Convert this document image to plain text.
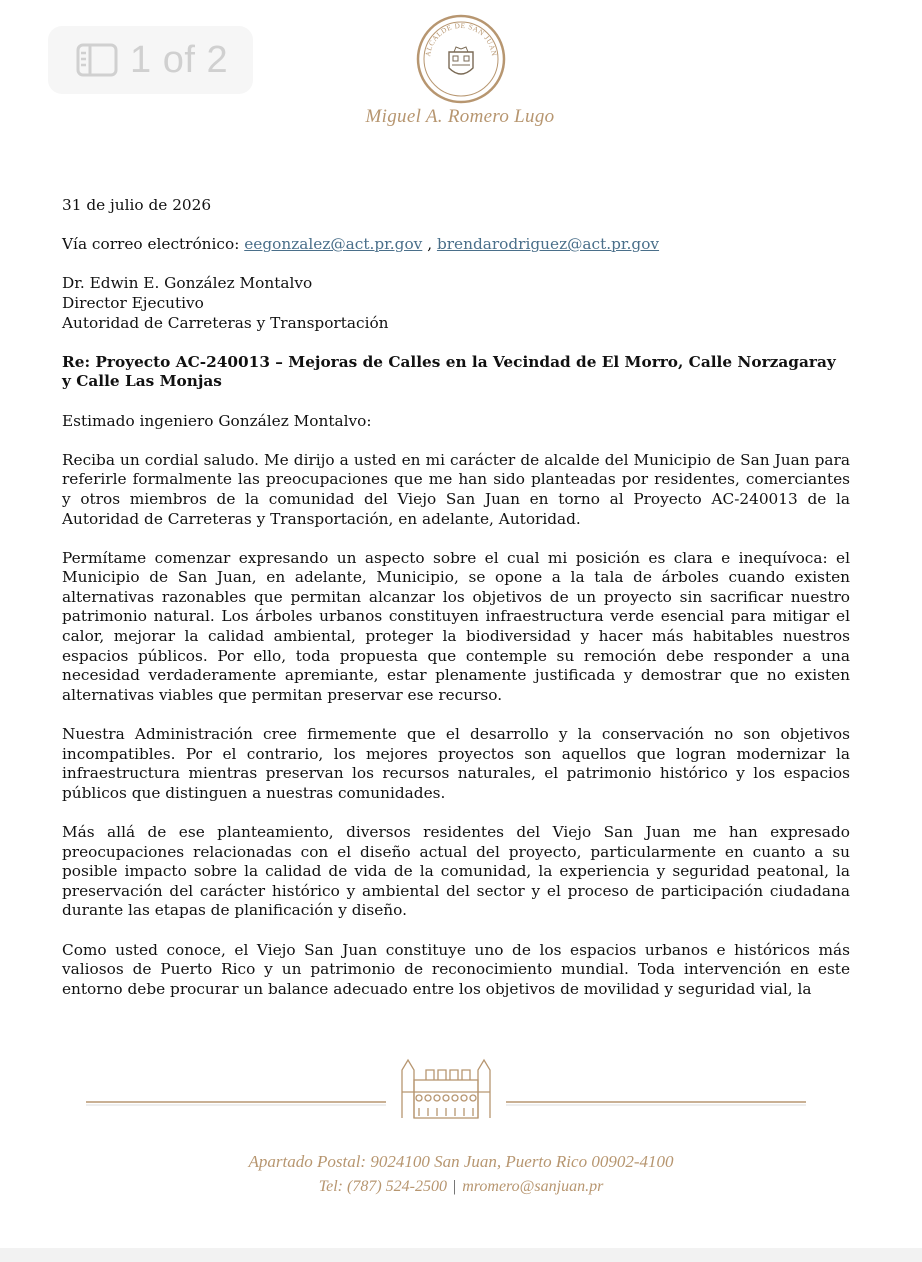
1 of 2	ALCALDE DE SAN JUAN
Miguel A. Romero Lugo

31 de julio de 2026

Vía correo electrónico: eegonzalez@act.pr.gov , brendarodriguez@act.pr.gov

Dr. Edwin E. González Montalvo

Director Ejecutivo

Autoridad de Carreteras y Transportación

Re: Proyecto AC-240013 – Mejoras de Calles en la Vecindad de El Morro, Calle Norzagaray

y Calle Las Monjas

Estimado ingeniero González Montalvo:

Reciba un cordial saludo. Me dirijo a usted en mi carácter de alcalde del Municipio de San Juan para referirle formalmente las preocupaciones que me han sido planteadas por residentes, comerciantes y otros miembros de la comunidad del Viejo San Juan en torno al Proyecto AC-240013 de la Autoridad de Carreteras y Transportación, en adelante, Autoridad.

Permítame comenzar expresando un aspecto sobre el cual mi posición es clara e inequívoca: el Municipio de San Juan, en adelante, Municipio, se opone a la tala de árboles cuando existen alternativas razonables que permitan alcanzar los objetivos de un proyecto sin sacrificar nuestro patrimonio natural. Los árboles urbanos constituyen infraestructura verde esencial para mitigar el calor, mejorar la calidad ambiental, proteger la biodiversidad y hacer más habitables nuestros espacios públicos. Por ello, toda propuesta que contemple su remoción debe responder a una necesidad verdaderamente apremiante, estar plenamente justificada y demostrar que no existen alternativas viables que permitan preservar ese recurso.

Nuestra Administración cree firmemente que el desarrollo y la conservación no son objetivos incompatibles. Por el contrario, los mejores proyectos son aquellos que logran modernizar la infraestructura mientras preservan los recursos naturales, el patrimonio histórico y los espacios públicos que distinguen a nuestras comunidades.

Más allá de ese planteamiento, diversos residentes del Viejo San Juan me han expresado preocupaciones relacionadas con el diseño actual del proyecto, particularmente en cuanto a su posible impacto sobre la calidad de vida de la comunidad, la experiencia y seguridad peatonal, la preservación del carácter histórico y ambiental del sector y el proceso de participación ciudadana durante las etapas de planificación y diseño.

Como usted conoce, el Viejo San Juan constituye uno de los espacios urbanos e históricos más valiosos de Puerto Rico y un patrimonio de reconocimiento mundial. Toda intervención en este entorno debe procurar un balance adecuado entre los objetivos de movilidad y seguridad vial, la

Apartado Postal: 9024100 San Juan, Puerto Rico 00902-4100
Tel: (787) 524-2500 | mromero@sanjuan.pr
